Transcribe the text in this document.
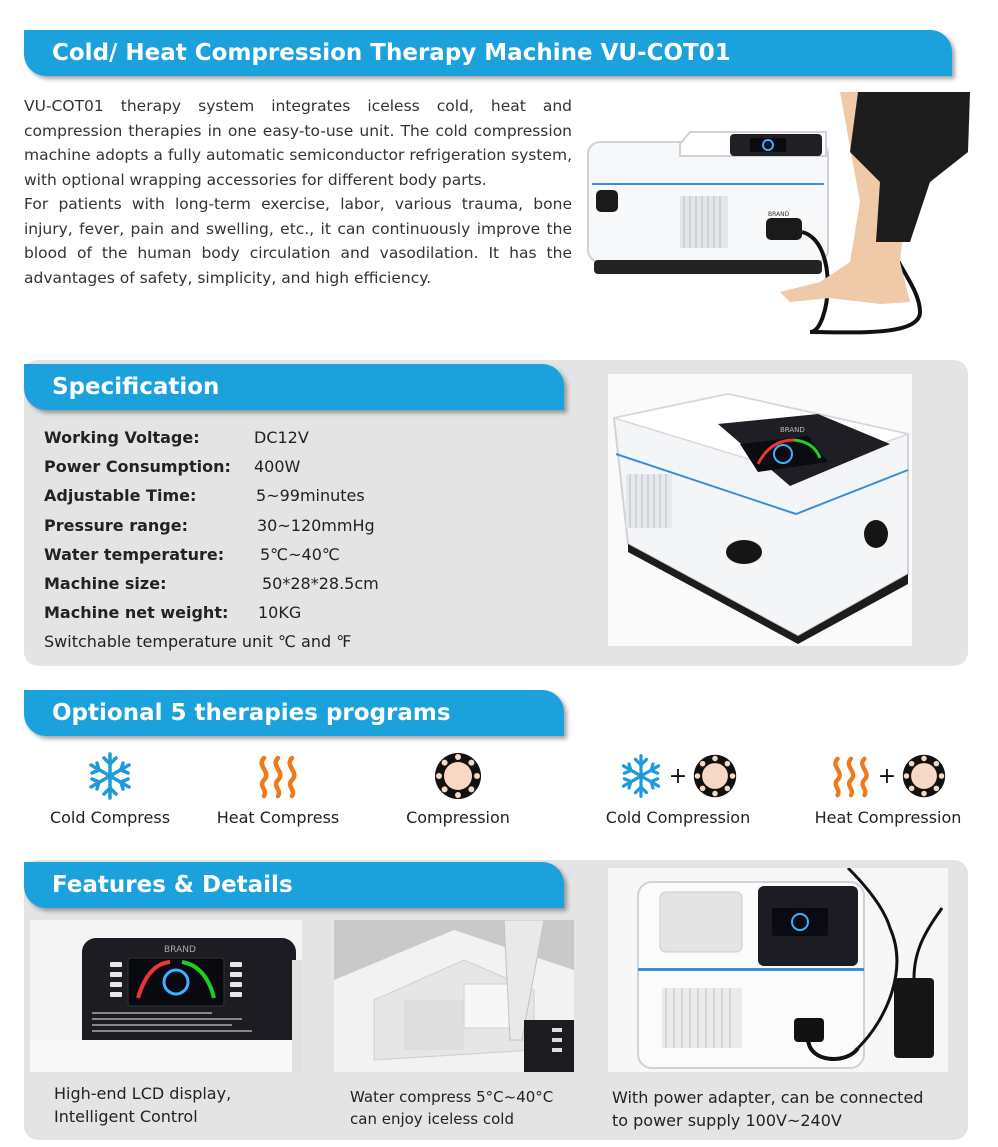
Cold/ Heat Compression Therapy Machine VU-COT01

VU-COT01 therapy system integrates iceless cold, heat and compression therapies in one easy-to-use unit. The cold compression machine adopts a fully automatic semiconductor refrigeration system, with optional wrapping accessories for different body parts.

For patients with long-term exercise, labor, various trauma, bone injury, fever, pain and swelling, etc., it can continuously improve the blood of the human body circulation and vasodilation. It has the advantages of safety, simplicity, and high efficiency.

BRAND
Specification
Working Voltage:	DC12V
Power Consumption: 400W
Adjustable Time:	5~99minutes
Pressure range:	30~120mmHg
Water temperature: 5℃~40℃
Machine size:	50*28*28.5cm
Machine net weight: 10KG
Switchable temperature unit ℃ and ℉
BRAND
Optional 5 therapies programs
Cold Compress	Heat Compress	Compression
+
Cold Compression
+
Heat Compression
Features & Details
BRAND
High-end LCD display,
Intelligent Control
Water compress 5°C~40°C
can enjoy iceless cold
With power adapter, can be connected
to power supply 100V~240V
